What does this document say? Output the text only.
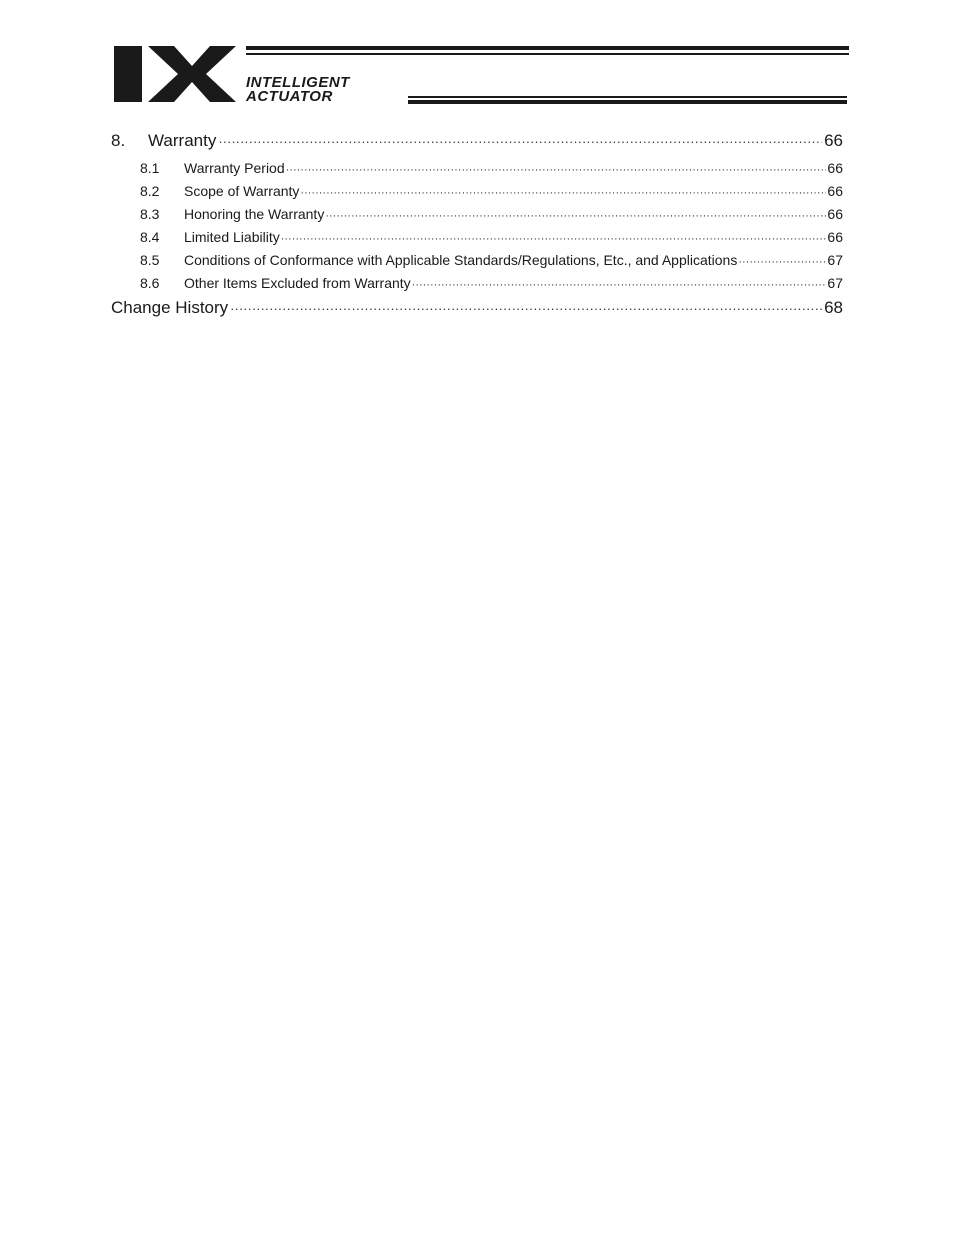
INTELLIGENT
ACTUATOR
8.	Warranty ·····	66
8.1	Warranty Period ·····	66
8.2	Scope of Warranty ·····	66
8.3	Honoring the Warranty ·····	66
8.4	Limited Liability ·····	66
8.5	Conditions of Conformance with Applicable Standards/Regulations, Etc., and Applications ·····	67
8.6	Other Items Excluded from Warranty ·····	67
Change History ·····	68
